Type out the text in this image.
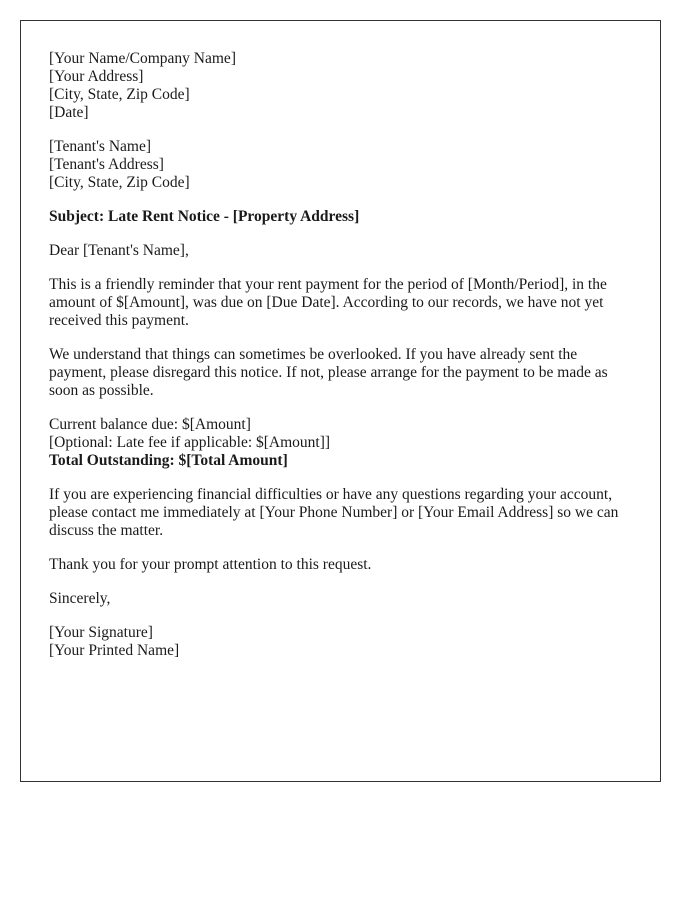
[Your Name/Company Name]
[Your Address]
[City, State, Zip Code]
[Date]
[Tenant's Name]
[Tenant's Address]
[City, State, Zip Code]

Subject: Late Rent Notice - [Property Address]

Dear [Tenant's Name],

This is a friendly reminder that your rent payment for the period of [Month/Period], in the amount of $[Amount], was due on [Due Date]. According to our records, we have not yet received this payment.

We understand that things can sometimes be overlooked. If you have already sent the payment, please disregard this notice. If not, please arrange for the payment to be made as soon as possible.

Current balance due: $[Amount]
[Optional: Late fee if applicable: $[Amount]]
Total Outstanding: $[Total Amount]

If you are experiencing financial difficulties or have any questions regarding your account, please contact me immediately at [Your Phone Number] or [Your Email Address] so we can discuss the matter.

Thank you for your prompt attention to this request.

Sincerely,

[Your Signature]
[Your Printed Name]
